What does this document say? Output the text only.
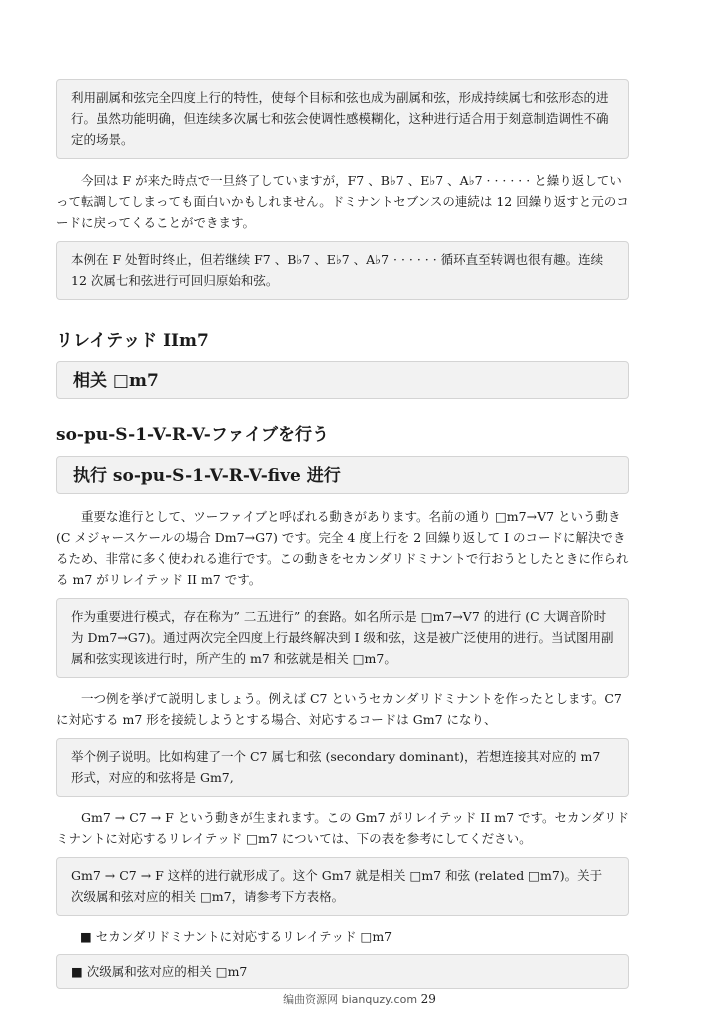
利用副属和弦完全四度上行的特性，使每个目标和弦也成为副属和弦，形成持续属七和弦形态的进行。虽然功能明确，但连续多次属七和弦会使调性感模糊化，这种进行适合用于刻意制造调性不确定的场景。

今回は F が来た時点で一旦終了していますが，F7 、B♭7 、E♭7 、A♭7 · · · · · · と繰り返していって転調してしまっても面白いかもしれません。ドミナントセブンスの連続は 12 回繰り返すと元のコードに戻ってくることができます。

本例在 F 处暂时终止，但若继续 F7 、B♭7 、E♭7 、A♭7 · · · · · · 循环直至转调也很有趣。连续 12 次属七和弦进行可回归原始和弦。
リレイテッド IIm7
相关 □m7
so-pu-S-1-V-R-V-ファイブを行う
执行 so-pu-S-1-V-R-V-five 进行

重要な進行として、ツーファイブと呼ばれる動きがあります。名前の通り □m7→V7 という動き (C メジャースケールの場合 Dm7→G7) です。完全 4 度上行を 2 回繰り返して I のコードに解決できるため、非常に多く使われる進行です。この動きをセカンダリドミナントで行おうとしたときに作られる m7 がリレイテッド II m7 です。

作为重要进行模式，存在称为” 二五进行” 的套路。如名所示是 □m7→V7 的进行 (C 大调音阶时为 Dm7→G7)。通过两次完全四度上行最终解决到 I 级和弦，这是被广泛使用的进行。当试图用副属和弦实现该进行时，所产生的 m7 和弦就是相关 □m7。

一つ例を挙げて説明しましょう。例えば C7 というセカンダリドミナントを作ったとします。C7 に対応する m7 形を接続しようとする場合、対応するコードは Gm7 になり、

举个例子说明。比如构建了一个 C7 属七和弦 (secondary dominant)，若想连接其对应的 m7 形式，对应的和弦将是 Gm7,

Gm7 → C7 → F という動きが生まれます。この Gm7 がリレイテッド II m7 です。セカンダリドミナントに対応するリレイテッド □m7 については、下の表を参考にしてください。

Gm7 → C7 → F 这样的进行就形成了。这个 Gm7 就是相关 □m7 和弦 (related □m7)。关于次级属和弦对应的相关 □m7，请参考下方表格。

■ セカンダリドミナントに対応するリレイテッド □m7

■ 次级属和弦对应的相关 □m7
编曲资源网 bianquzy.com 29
